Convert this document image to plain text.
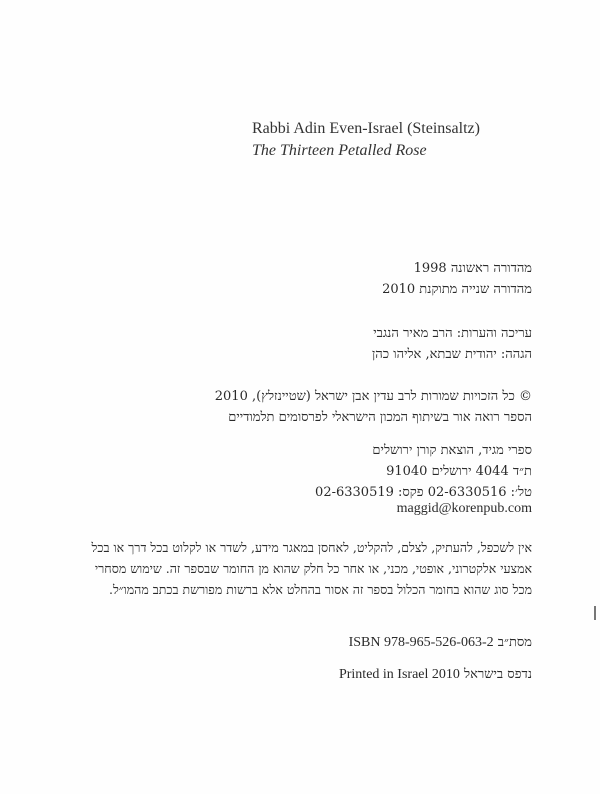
Rabbi Adin Even-Israel (Steinsaltz)
The Thirteen Petalled Rose
מהדורה ראשונה 1998
מהדורה שנייה מתוקנת 2010
עריכה והערות: הרב מאיר הנגבי
הגהה: יהודית שבתא, אליהו כהן
© כל הזכויות שמורות לרב עדין אבן ישראל (שטיינזלץ), 2010
הספר רואה אור בשיתוף המכון הישראלי לפרסומים תלמודיים
ספרי מגיד, הוצאת קורן ירושלים
ת״ד 4044 ירושלים 91040
טל׳: 02-6330516 פקס: 02-6330519
maggid@korenpub.com
אין לשכפל, להעתיק, לצלם, להקליט, לאחסן במאגר מידע, לשדר או לקלוט בכל דרך או בכל אמצעי אלקטרוני, אופטי, מכני, או אחר כל חלק שהוא מן החומר שבספר זה. שימוש מסחרי מכל סוג שהוא בחומר הכלול בספר זה אסור בהחלט אלא ברשות מפורשת בכתב מהמו״ל.
מסת״ב ISBN 978-965-526-063-2
נדפס בישראל Printed in Israel 2010
